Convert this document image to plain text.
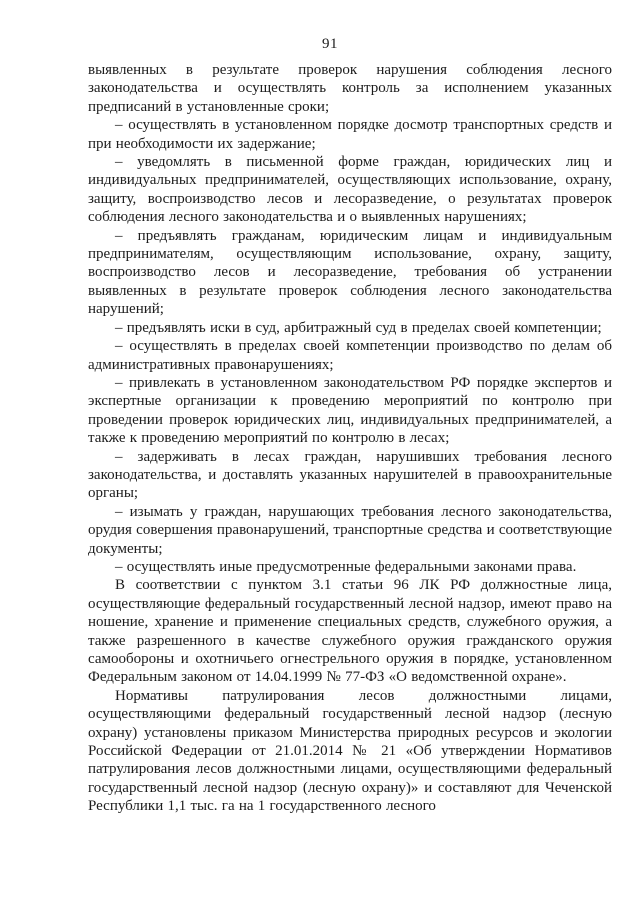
91

выявленных в результате проверок нарушения соблюдения лесного законодательства и осуществлять контроль за исполнением указанных предписаний в установленные сроки;

– осуществлять в установленном порядке досмотр транспортных средств и при необходимости их задержание;

– уведомлять в письменной форме граждан, юридических лиц и индивидуальных предпринимателей, осуществляющих использование, охрану, защиту, воспроизводство лесов и лесоразведение, о результатах проверок соблюдения лесного законодательства и о выявленных нарушениях;

– предъявлять гражданам, юридическим лицам и индивидуальным предпринимателям, осуществляющим использование, охрану, защиту, воспроизводство лесов и лесоразведение, требования об устранении выявленных в результате проверок соблюдения лесного законодательства нарушений;

– предъявлять иски в суд, арбитражный суд в пределах своей компетенции;

– осуществлять в пределах своей компетенции производство по делам об административных правонарушениях;

– привлекать в установленном законодательством РФ порядке экспертов и экспертные организации к проведению мероприятий по контролю при проведении проверок юридических лиц, индивидуальных предпринимателей, а также к проведению мероприятий по контролю в лесах;

– задерживать в лесах граждан, нарушивших требования лесного законодательства, и доставлять указанных нарушителей в правоохранительные органы;

– изымать у граждан, нарушающих требования лесного законодательства, орудия совершения правонарушений, транспортные средства и соответствующие документы;

– осуществлять иные предусмотренные федеральными законами права.

В соответствии с пунктом 3.1 статьи 96 ЛК РФ должностные лица, осуществляющие федеральный государственный лесной надзор, имеют право на ношение, хранение и применение специальных средств, служебного оружия, а также разрешенного в качестве служебного оружия гражданского оружия самообороны и охотничьего огнестрельного оружия в порядке, установленном Федеральным законом от 14.04.1999 № 77-ФЗ «О ведомственной охране».

Нормативы патрулирования лесов должностными лицами, осуществляющими федеральный государственный лесной надзор (лесную охрану) установлены приказом Министерства природных ресурсов и экологии Российской Федерации от 21.01.2014 № 21 «Об утверждении Нормативов патрулирования лесов должностными лицами, осуществляющими федеральный государственный лесной надзор (лесную охрану)» и составляют для Чеченской Республики 1,1 тыс. га на 1 государственного лесного
